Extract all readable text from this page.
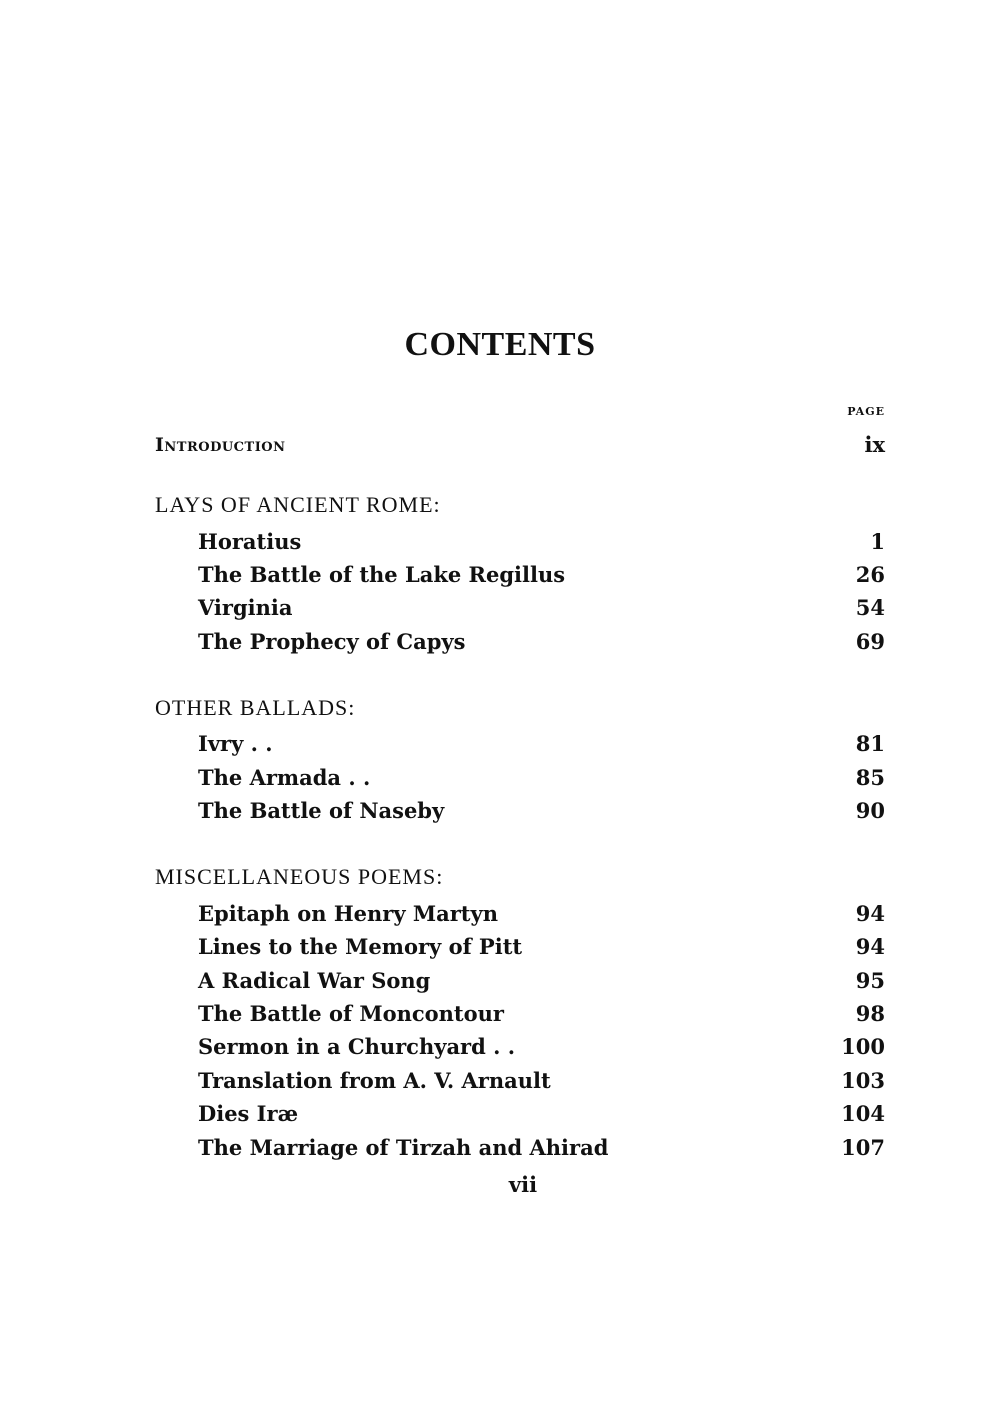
CONTENTS
PAGE
Introduction	ix
LAYS OF ANCIENT ROME:
Horatius	1
The Battle of the Lake Regillus	26
Virginia	54
The Prophecy of Capys	69
OTHER BALLADS:
Ivry . .	81
The Armada . .	85
The Battle of Naseby	90
MISCELLANEOUS POEMS:
Epitaph on Henry Martyn	94
Lines to the Memory of Pitt	94
A Radical War Song	95
The Battle of Moncontour	98
Sermon in a Churchyard . .	100
Translation from A. V. Arnault	103
Dies Iræ	104
The Marriage of Tirzah and Ahirad	107
vii
